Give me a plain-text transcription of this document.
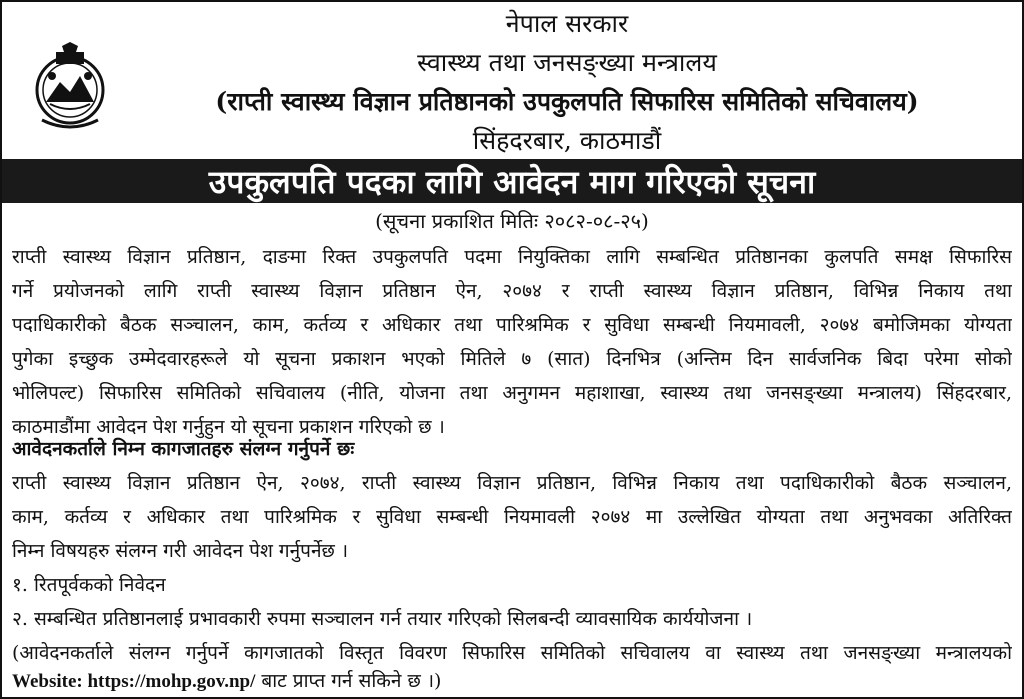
नेपाल सरकार
स्वास्थ्य तथा जनसङ्ख्या मन्त्रालय
(राप्ती स्वास्थ्य विज्ञान प्रतिष्ठानको उपकुलपति सिफारिस समितिको सचिवालय)
सिंहदरबार, काठमाडौं
उपकुलपति पदका लागि आवेदन माग गरिएको सूचना
(सूचना प्रकाशित मितिः २०८२-०८-२५)
राप्ती स्वास्थ्य विज्ञान प्रतिष्ठान, दाङमा रिक्त उपकुलपति पदमा नियुक्तिका लागि सम्बन्धित प्रतिष्ठानका कुलपति समक्ष सिफारिस
गर्ने प्रयोजनको लागि राप्ती स्वास्थ्य विज्ञान प्रतिष्ठान ऐन, २०७४ र राप्ती स्वास्थ्य विज्ञान प्रतिष्ठान, विभिन्न निकाय तथा
पदाधिकारीको बैठक सञ्चालन, काम, कर्तव्य र अधिकार तथा पारिश्रमिक र सुविधा सम्बन्धी नियमावली, २०७४ बमोजिमका योग्यता
पुगेका इच्छुक उम्मेदवारहरूले यो सूचना प्रकाशन भएको मितिले ७ (सात) दिनभित्र (अन्तिम दिन सार्वजनिक बिदा परेमा सोको
भोलिपल्ट) सिफारिस समितिको सचिवालय (नीति, योजना तथा अनुगमन महाशाखा, स्वास्थ्य तथा जनसङ्ख्या मन्त्रालय) सिंहदरबार,
काठमाडौंमा आवेदन पेश गर्नुहुन यो सूचना प्रकाशन गरिएको छ ।
आवेदनकर्ताले निम्न कागजातहरु संलग्न गर्नुपर्ने छः
राप्ती स्वास्थ्य विज्ञान प्रतिष्ठान ऐन, २०७४, राप्ती स्वास्थ्य विज्ञान प्रतिष्ठान, विभिन्न निकाय तथा पदाधिकारीको बैठक सञ्चालन,
काम, कर्तव्य र अधिकार तथा पारिश्रमिक र सुविधा सम्बन्धी नियमावली २०७४ मा उल्लेखित योग्यता तथा अनुभवका अतिरिक्त
निम्न विषयहरु संलग्न गरी आवेदन पेश गर्नुपर्नेछ ।
१. रितपूर्वकको निवेदन
२. सम्बन्धित प्रतिष्ठानलाई प्रभावकारी रुपमा सञ्चालन गर्न तयार गरिएको सिलबन्दी व्यावसायिक कार्ययोजना ।
(आवेदनकर्ताले संलग्न गर्नुपर्ने कागजातको विस्तृत विवरण सिफारिस समितिको सचिवालय वा स्वास्थ्य तथा जनसङ्ख्या मन्त्रालयको
Website: https://mohp.gov.np/ बाट प्राप्त गर्न सकिने छ ।)
